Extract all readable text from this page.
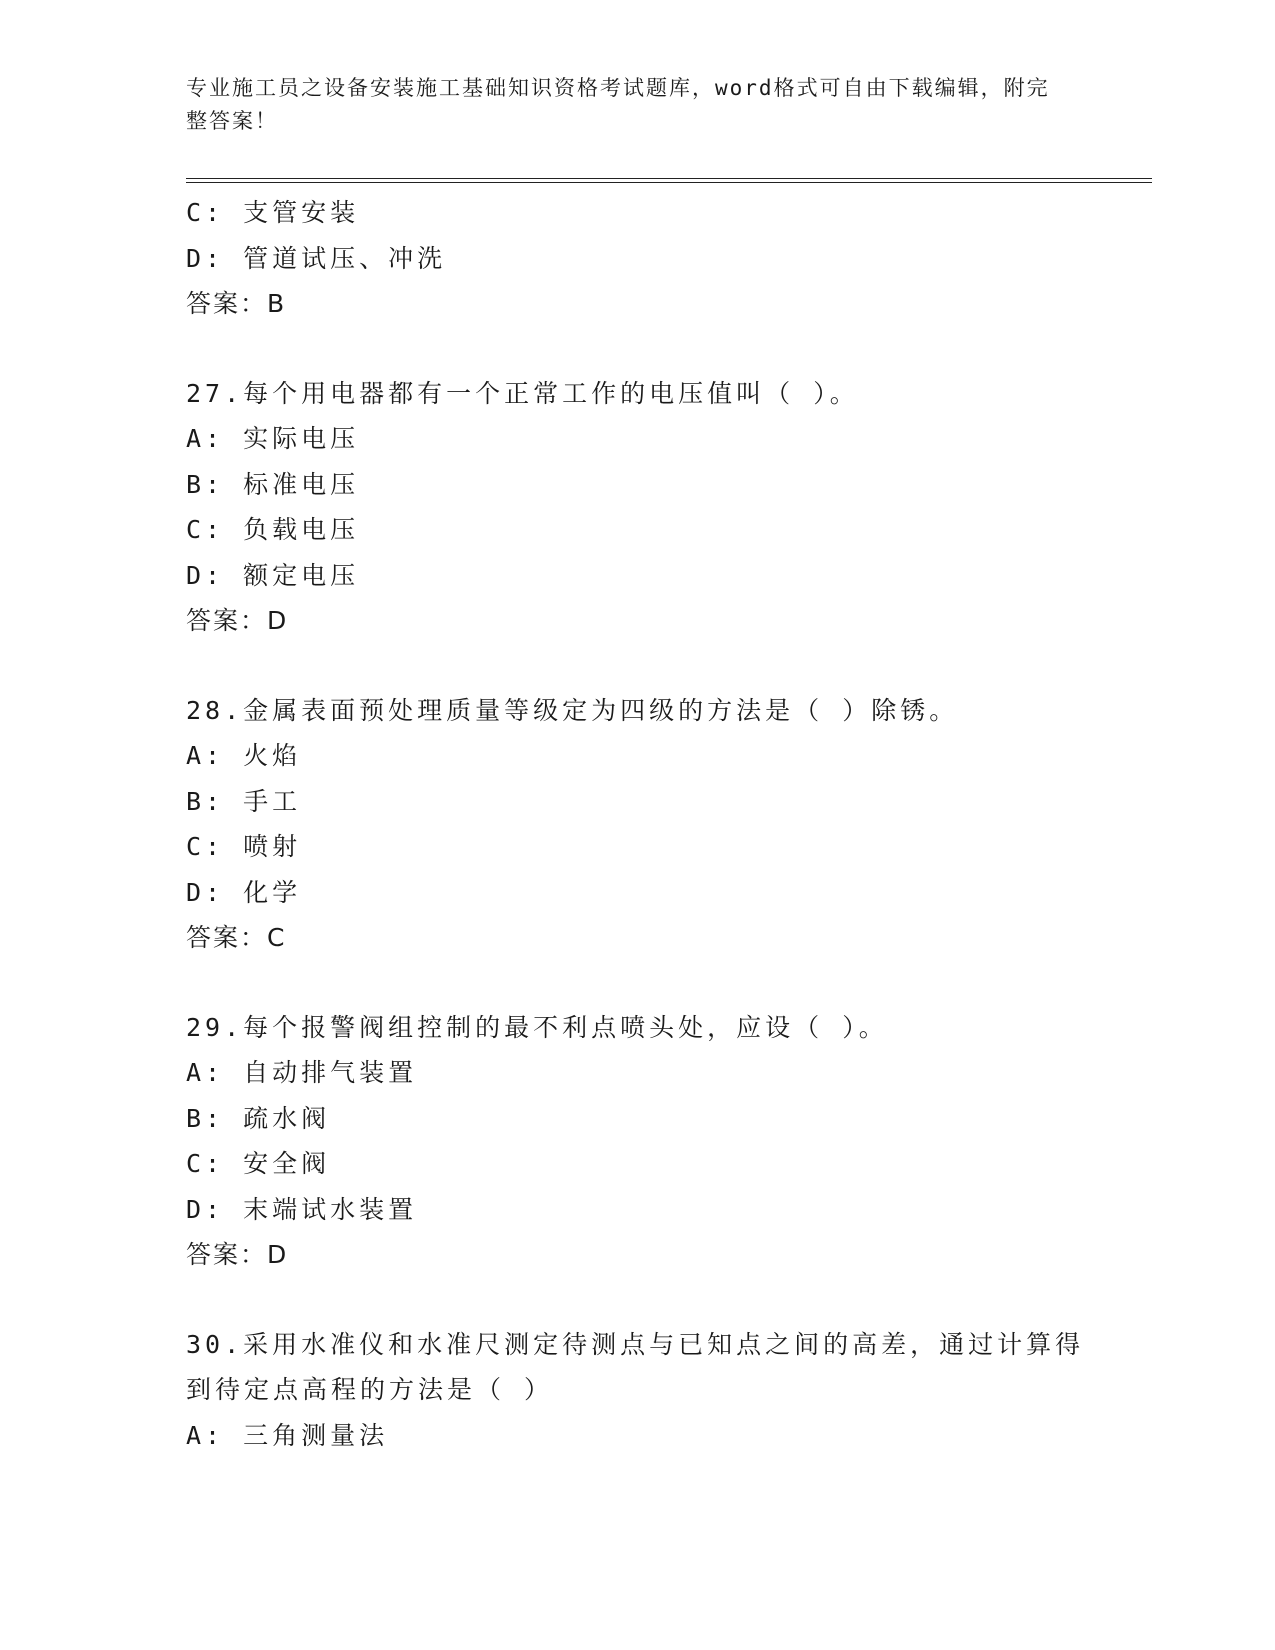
专业施工员之设备安装施工基础知识资格考试题库，word格式可自由下载编辑，附完整答案！
C: 支管安装
D: 管道试压、冲洗
答案：B
27.每个用电器都有一个正常工作的电压值叫（ ）。
A: 实际电压
B: 标准电压
C: 负载电压
D: 额定电压
答案：D
28.金属表面预处理质量等级定为四级的方法是（ ）除锈。
A: 火焰
B: 手工
C: 喷射
D: 化学
答案：C
29.每个报警阀组控制的最不利点喷头处，应设（ ）。
A: 自动排气装置
B: 疏水阀
C: 安全阀
D: 末端试水装置
答案：D
30.采用水准仪和水准尺测定待测点与已知点之间的高差，通过计算得到待定点高程的方法是（ ）
A: 三角测量法
